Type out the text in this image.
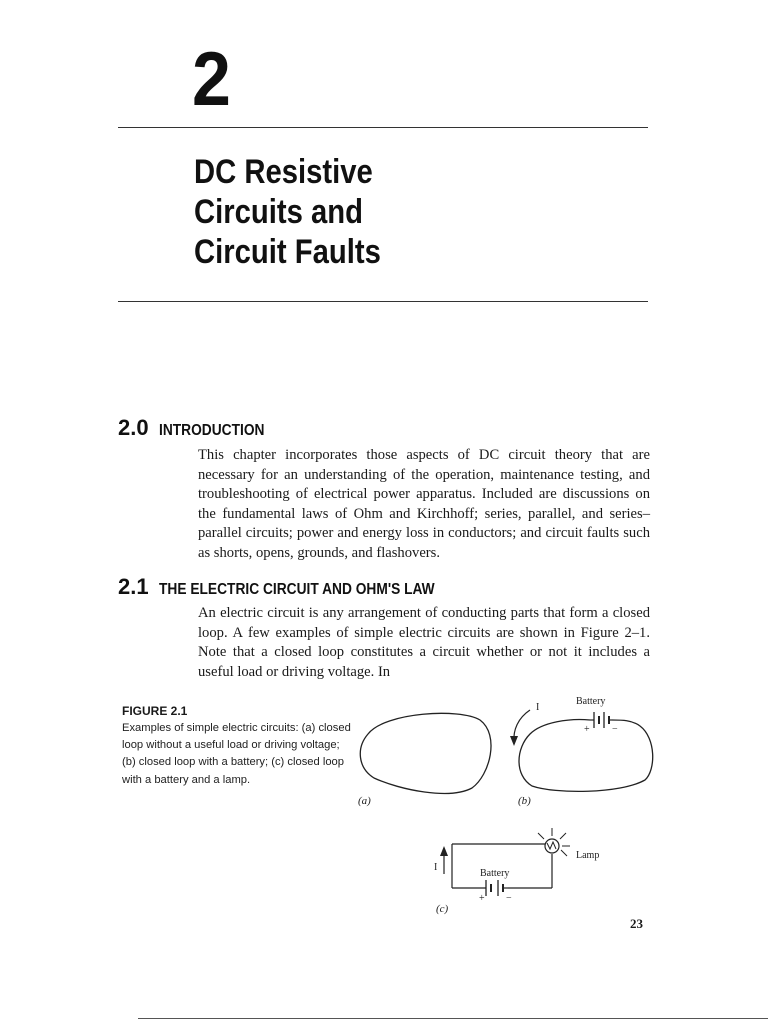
2
DC Resistive
Circuits and
Circuit Faults
2.0 INTRODUCTION

This chapter incorporates those aspects of DC circuit theory that are necessary for an understanding of the operation, maintenance testing, and troubleshooting of electrical power apparatus. Included are discussions on the fundamental laws of Ohm and Kirchhoff; series, parallel, and series–parallel circuits; power and energy loss in conductors; and circuit faults such as shorts, opens, grounds, and flashovers.

2.1 THE ELECTRIC CIRCUIT AND OHM'S LAW

An electric circuit is any arrangement of conducting parts that form a closed loop. A few examples of simple electric circuits are shown in Figure 2–1. Note that a closed loop constitutes a circuit whether or not it includes a useful load or driving voltage. In

FIGURE 2.1
Examples of simple electric circuits: (a) closed loop without a useful load or driving voltage; (b) closed loop with a battery; (c) closed loop with a battery and a lamp.
(a)
Battery
+ −
I
(b)
Battery
+ −
Lamp
I
(c)
23
